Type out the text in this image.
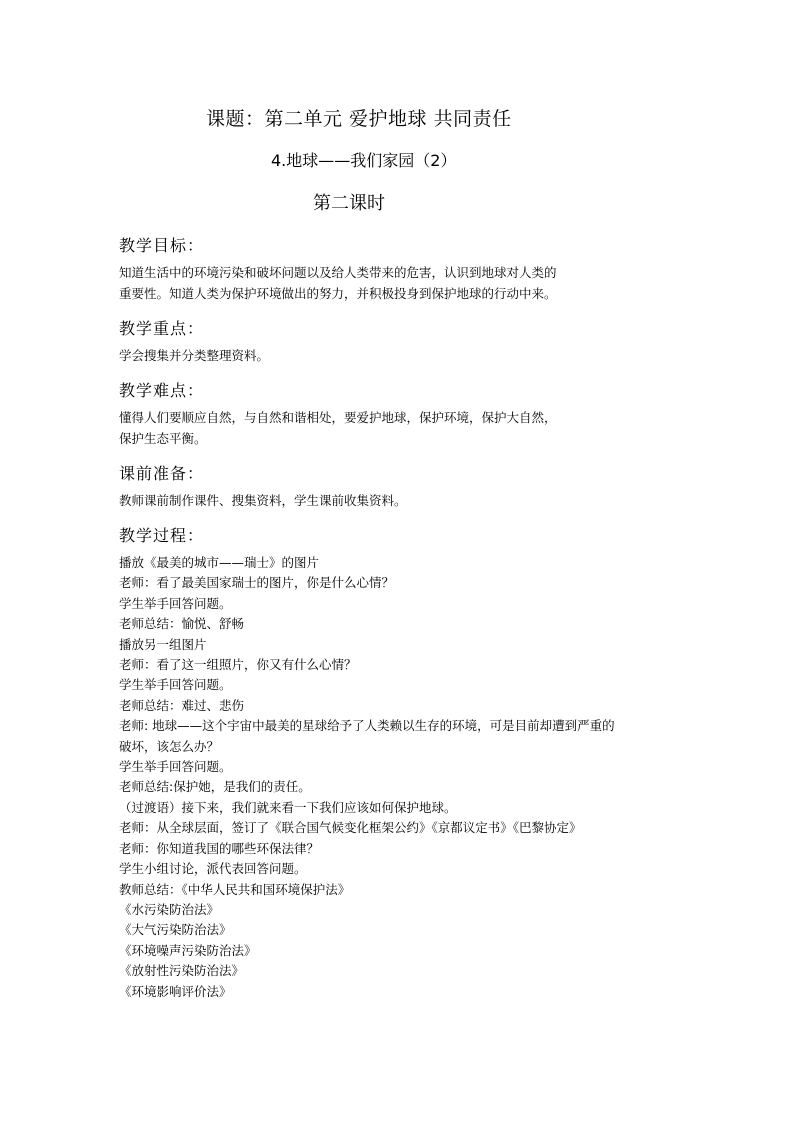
课题：第二单元 爱护地球 共同责任
4.地球——我们家园（2）
第二课时
教学目标：
知道生活中的环境污染和破坏问题以及给人类带来的危害，认识到地球对人类的
重要性。知道人类为保护环境做出的努力，并积极投身到保护地球的行动中来。
教学重点：
学会搜集并分类整理资料。
教学难点：
懂得人们要顺应自然，与自然和谐相处，要爱护地球，保护环境，保护大自然，
保护生态平衡。
课前准备：
教师课前制作课件、搜集资料，学生课前收集资料。
教学过程：
播放《最美的城市——瑞士》的图片
老师：看了最美国家瑞士的图片，你是什么心情？
学生举手回答问题。
老师总结：愉悦、舒畅
播放另一组图片
老师：看了这一组照片，你又有什么心情？
学生举手回答问题。
老师总结：难过、悲伤
老师: 地球——这个宇宙中最美的星球给予了人类赖以生存的环境，可是目前却遭到严重的
破坏，该怎么办？
学生举手回答问题。
老师总结:保护她，是我们的责任。
（过渡语）接下来，我们就来看一下我们应该如何保护地球。
老师：从全球层面，签订了《联合国气候变化框架公约》《京都议定书》《巴黎协定》
老师：你知道我国的哪些环保法律？
学生小组讨论，派代表回答问题。
教师总结：《中华人民共和国环境保护法》
《水污染防治法》
《大气污染防治法》
《环境噪声污染防治法》
《放射性污染防治法》
《环境影响评价法》
